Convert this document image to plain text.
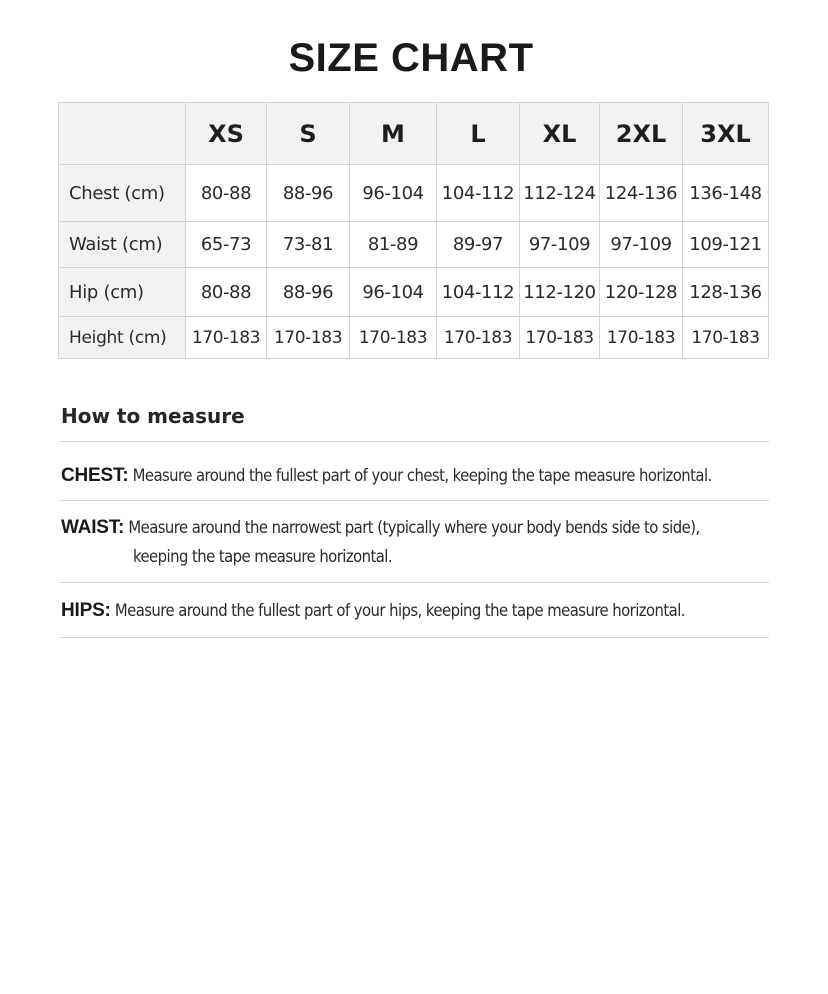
SIZE CHART
	XS	S	M	L	XL	2XL	3XL
Chest (cm)	80-88	88-96	96-104	104-112	112-124	124-136	136-148
Waist (cm)	65-73	73-81	81-89	89-97	97-109	97-109	109-121
Hip (cm)	80-88	88-96	96-104	104-112	112-120	120-128	128-136
Height (cm)	170-183	170-183	170-183	170-183	170-183	170-183	170-183
How to measure
CHEST: Measure around the fullest part of your chest, keeping the tape measure horizontal.
WAIST: Measure around the narrowest part (typically where your body bends side to side),
keeping the tape measure horizontal.
HIPS: Measure around the fullest part of your hips, keeping the tape measure horizontal.
